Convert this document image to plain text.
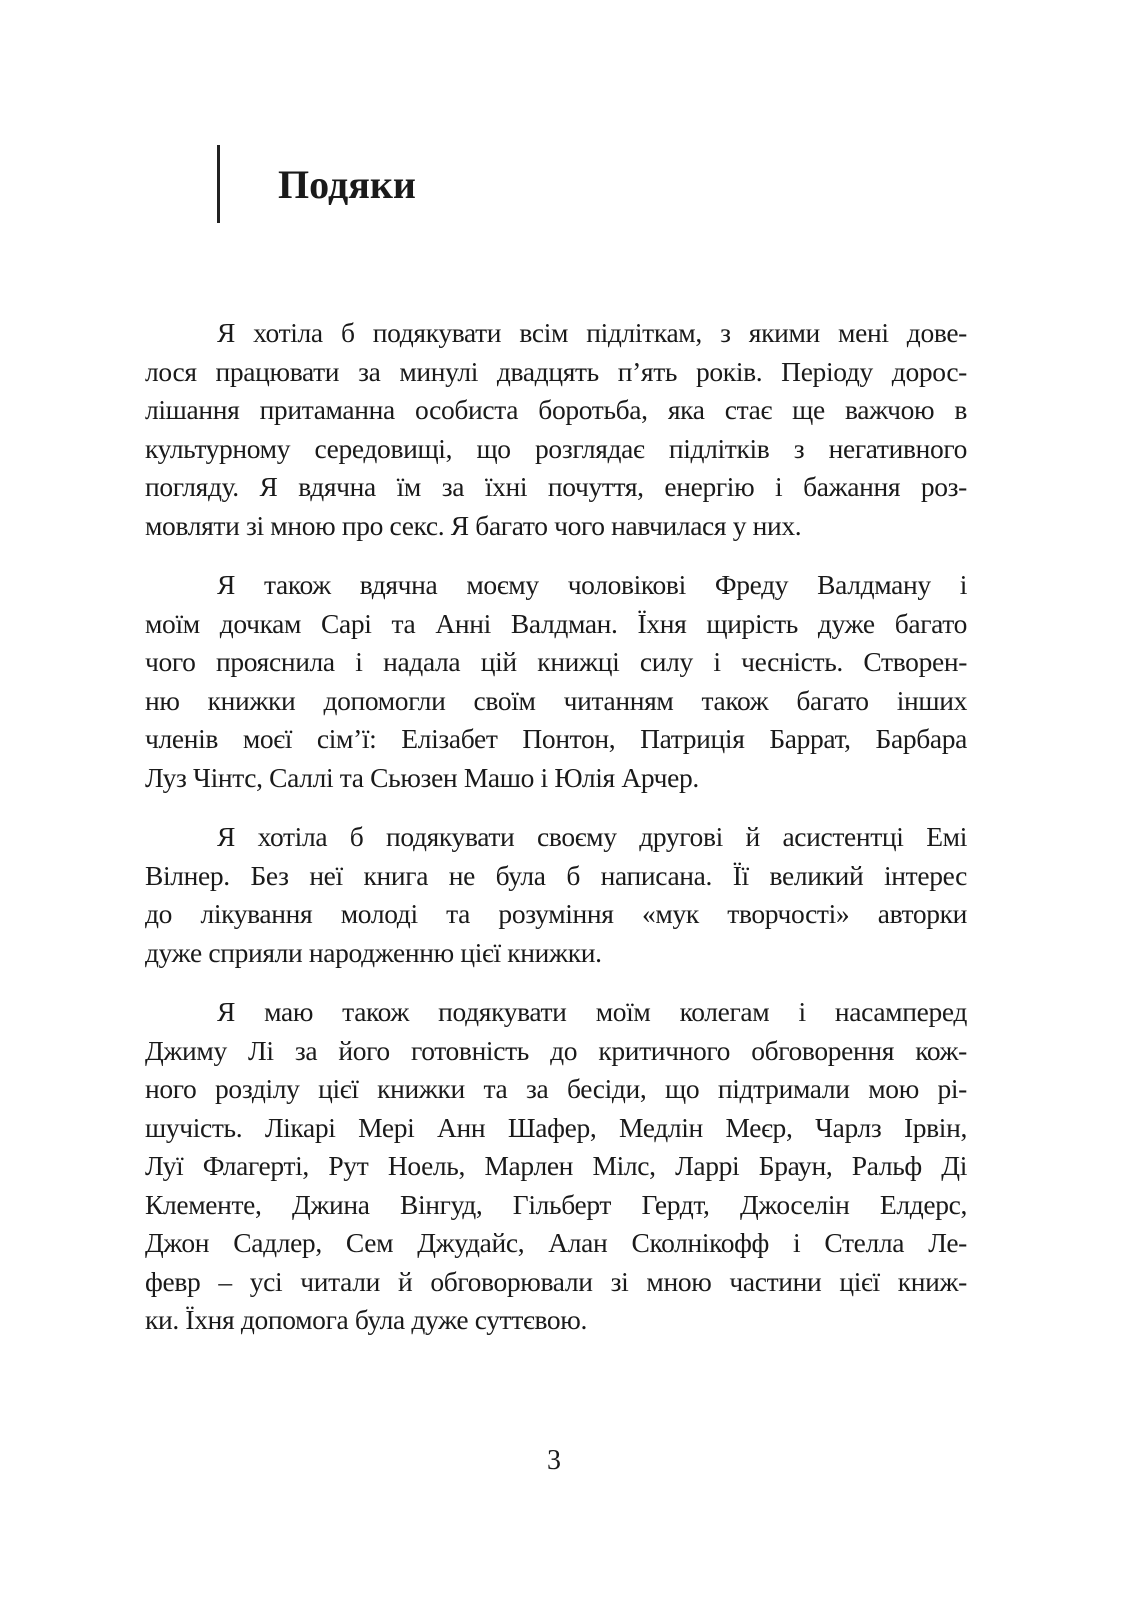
Подяки

Я хотіла б подякувати всім підліткам, з якими мені дове-
лося працювати за минулі двадцять п’ять років. Періоду дорос-
лішання притаманна особиста боротьба, яка стає ще важчою в
культурному середовищі, що розглядає підлітків з негативного
погляду. Я вдячна їм за їхні почуття, енергію і бажання роз-
мовляти зі мною про секс. Я багато чого навчилася у них.

Я також вдячна моєму чоловікові Фреду Валдману і
моїм дочкам Сарі та Анні Валдман. Їхня щирість дуже багато
чого прояснила і надала цій книжці силу і чесність. Створен-
ню книжки допомогли своїм читанням також багато інших
членів моєї сім’ї: Елізабет Понтон, Патриція Баррат, Барбара
Луз Чінтс, Саллі та Сьюзен Машо і Юлія Арчер.

Я хотіла б подякувати своєму другові й асистентці Емі
Вілнер. Без неї книга не була б написана. Її великий інтерес
до лікування молоді та розуміння «мук творчості» авторки
дуже сприяли народженню цієї книжки.

Я маю також подякувати моїм колегам і насамперед
Джиму Лі за його готовність до критичного обговорення кож-
ного розділу цієї книжки та за бесіди, що підтримали мою рі-
шучість. Лікарі Мері Анн Шафер, Медлін Меєр, Чарлз Ірвін,
Луї Флагерті, Рут Ноель, Марлен Мілс, Ларрі Браун, Ральф Ді
Клементе, Джина Вінгуд, Гільберт Гердт, Джоселін Елдерс,
Джон Садлер, Сем Джудайс, Алан Сколнікофф і Стелла Ле-
февр – усі читали й обговорювали зі мною частини цієї книж-
ки. Їхня допомога була дуже суттєвою.

3
